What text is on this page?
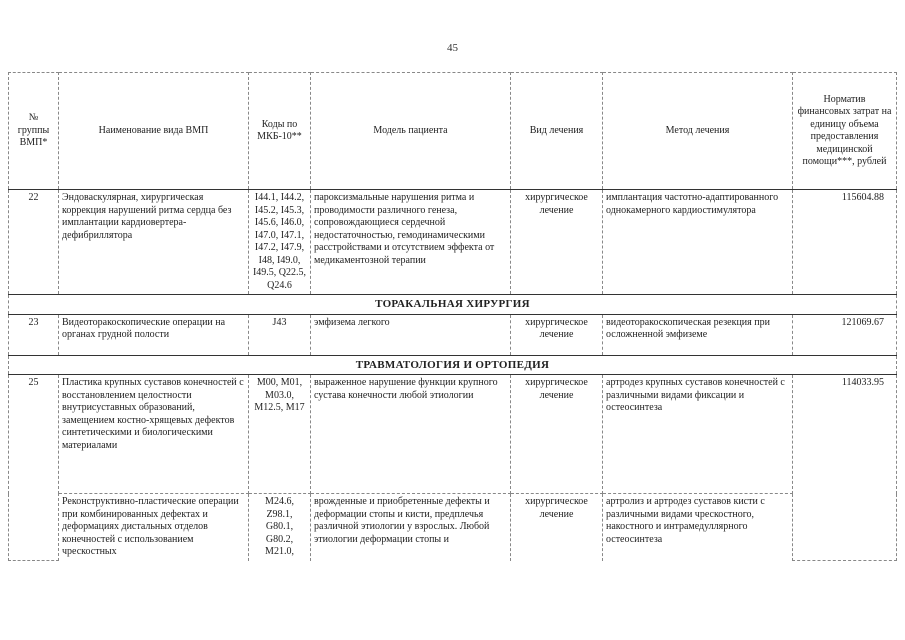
45
№ группы ВМП*	Наименование вида ВМП	Коды по МКБ-10**	Модель пациента	Вид лечения	Метод лечения	Норматив финансовых затрат на единицу объема предоставления медицинской помощи***, рублей
22	Эндоваскулярная, хирургическая коррекция нарушений ритма сердца без имплантации кардиовертера-дефибриллятора	I44.1, I44.2, I45.2, I45.3, I45.6, I46.0, I47.0, I47.1, I47.2, I47.9, I48, I49.0, I49.5, Q22.5, Q24.6	пароксизмальные нарушения ритма и проводимости различного генеза, сопровождающиеся сердечной недостаточностью, гемодинамическими расстройствами и отсутствием эффекта от медикаментозной терапии	хирургическое лечение	имплантация частотно-адаптированного однокамерного кардиостимулятора	115604.88
ТОРАКАЛЬНАЯ ХИРУРГИЯ						
23	Видеоторакоскопические операции на органах грудной полости	J43	эмфизема легкого	хирургическое лечение	видеоторакоскопическая резекция при осложненной эмфиземе	121069.67
ТРАВМАТОЛОГИЯ И ОРТОПЕДИЯ						
25	Пластика крупных суставов конечностей с восстановлением целостности внутрисуставных образований, замещением костно-хрящевых дефектов синтетическими и биологическими материалами	M00, M01, M03.0, M12.5, M17	выраженное нарушение функции крупного сустава конечности любой этиологии	хирургическое лечение	артродез крупных суставов конечностей с различными видами фиксации и остеосинтеза	114033.95
	Реконструктивно-пластические операции при комбинированных дефектах и деформациях дистальных отделов конечностей с использованием чрескостных	M24.6, Z98.1, G80.1, G80.2, M21.0,	врожденные и приобретенные дефекты и деформации стопы и кисти, предплечья различной этиологии у взрослых. Любой этиологии деформации стопы и	хирургическое лечение	артролиз и артродез суставов кисти с различными видами чрескостного, накостного и интрамедуллярного остеосинтеза	
